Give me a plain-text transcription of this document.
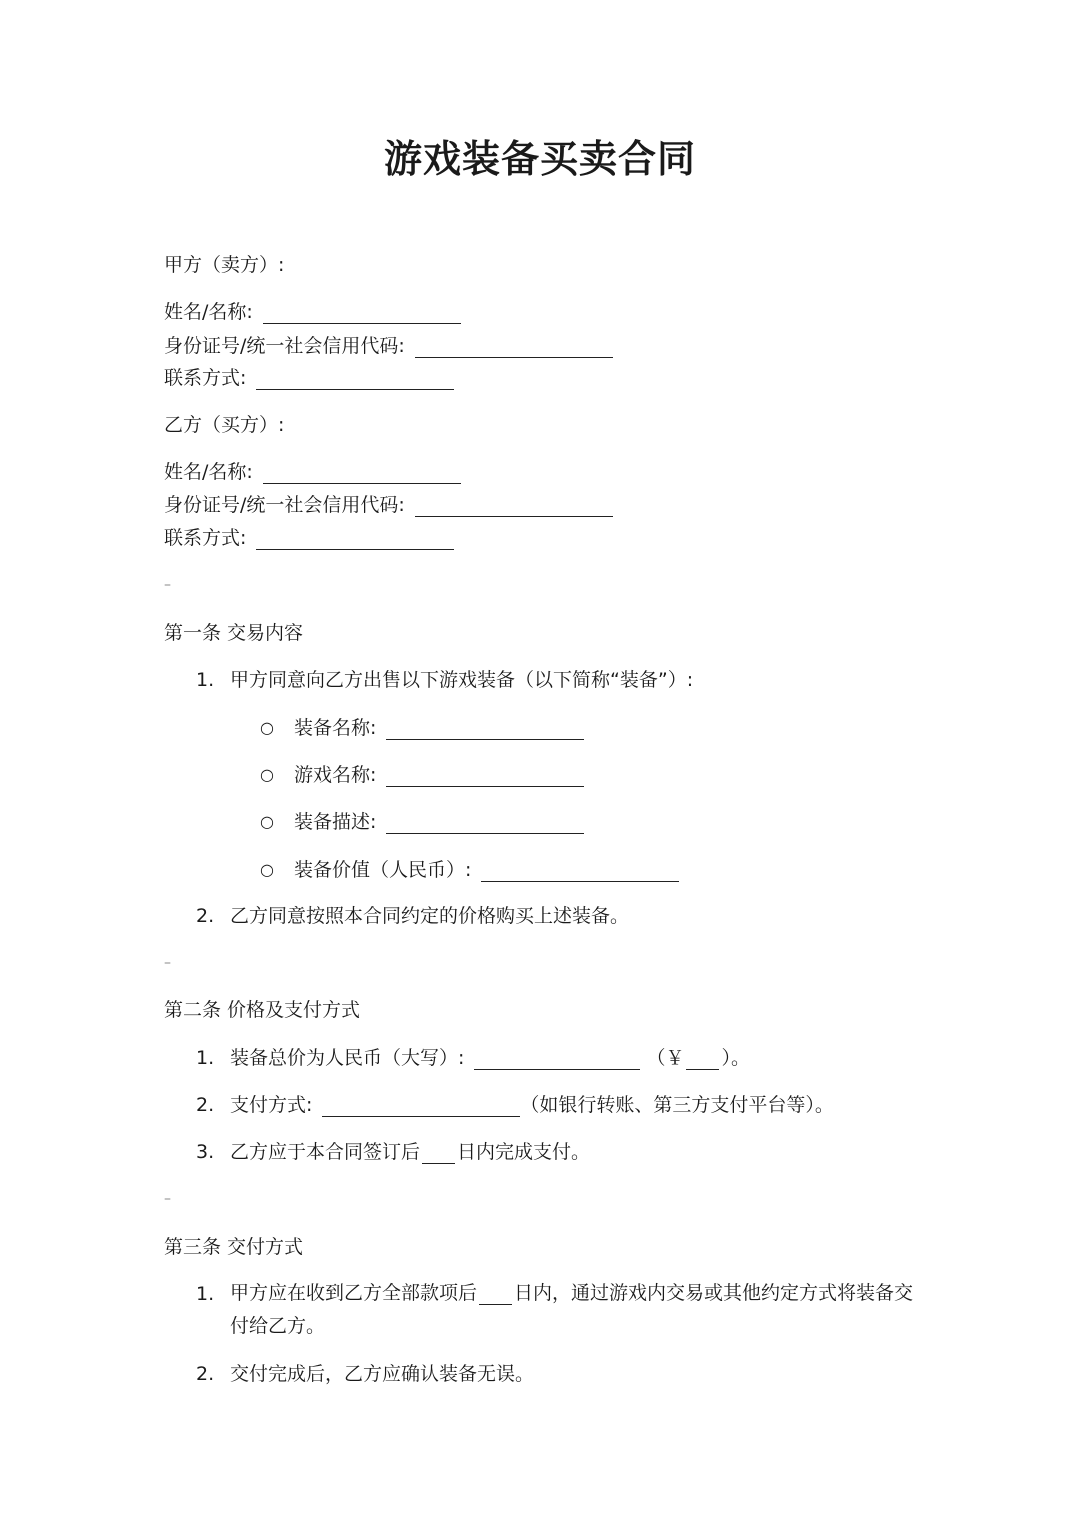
游戏装备买卖合同
甲方（卖方）:
姓名/名称:
身份证号/统一社会信用代码:
联系方式:
乙方（买方）:
姓名/名称:
身份证号/统一社会信用代码:
联系方式:
–
第一条 交易内容
1. 甲方同意向乙方出售以下游戏装备（以下简称“装备”）:
○ 装备名称:
○ 游戏名称:
○ 装备描述:
○ 装备价值（人民币）:
2. 乙方同意按照本合同约定的价格购买上述装备。
–
第二条 价格及支付方式
1. 装备总价为人民币（大写）:	（￥ ）。
2. 支付方式:	（如银行转账、第三方支付平台等）。
3. 乙方应于本合同签订后 日内完成支付。
–
第三条 交付方式
1. 甲方应在收到乙方全部款项后 日内，通过游戏内交易或其他约定方式将装备交付给乙方。
2. 交付完成后，乙方应确认装备无误。
